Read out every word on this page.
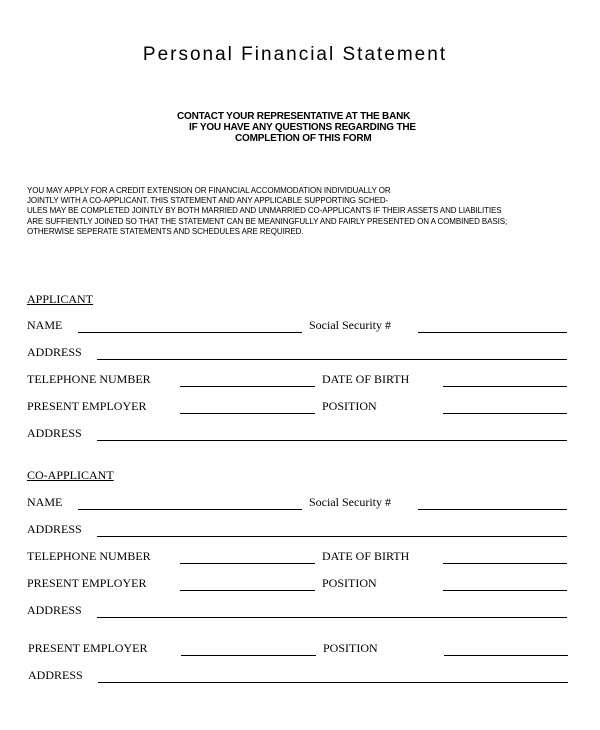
Personal Financial Statement
CONTACT YOUR REPRESENTATIVE AT THE BANK
IF YOU HAVE ANY QUESTIONS REGARDING THE
COMPLETION OF THIS FORM
YOU MAY APPLY FOR A CREDIT EXTENSION OR FINANCIAL ACCOMMODATION INDIVIDUALLY OR
JOINTLY WITH A CO-APPLICANT. THIS STATEMENT AND ANY APPLICABLE SUPPORTING SCHED-
ULES MAY BE COMPLETED JOINTLY BY BOTH MARRIED AND UNMARRIED CO-APPLICANTS IF THEIR ASSETS AND LIABILITIES
ARE SUFFIENTLY JOINED SO THAT THE STATEMENT CAN BE MEANINGFULLY AND FAIRLY PRESENTED ON A COMBINED BASIS;
OTHERWISE SEPERATE STATEMENTS AND SCHEDULES ARE REQUIRED.
APPLICANT
NAME	Social Security #
ADDRESS
TELEPHONE NUMBER	DATE OF BIRTH
PRESENT EMPLOYER	POSITION
ADDRESS
CO-APPLICANT
NAME	Social Security #
ADDRESS
TELEPHONE NUMBER	DATE OF BIRTH
PRESENT EMPLOYER	POSITION
ADDRESS
PRESENT EMPLOYER	POSITION
ADDRESS
